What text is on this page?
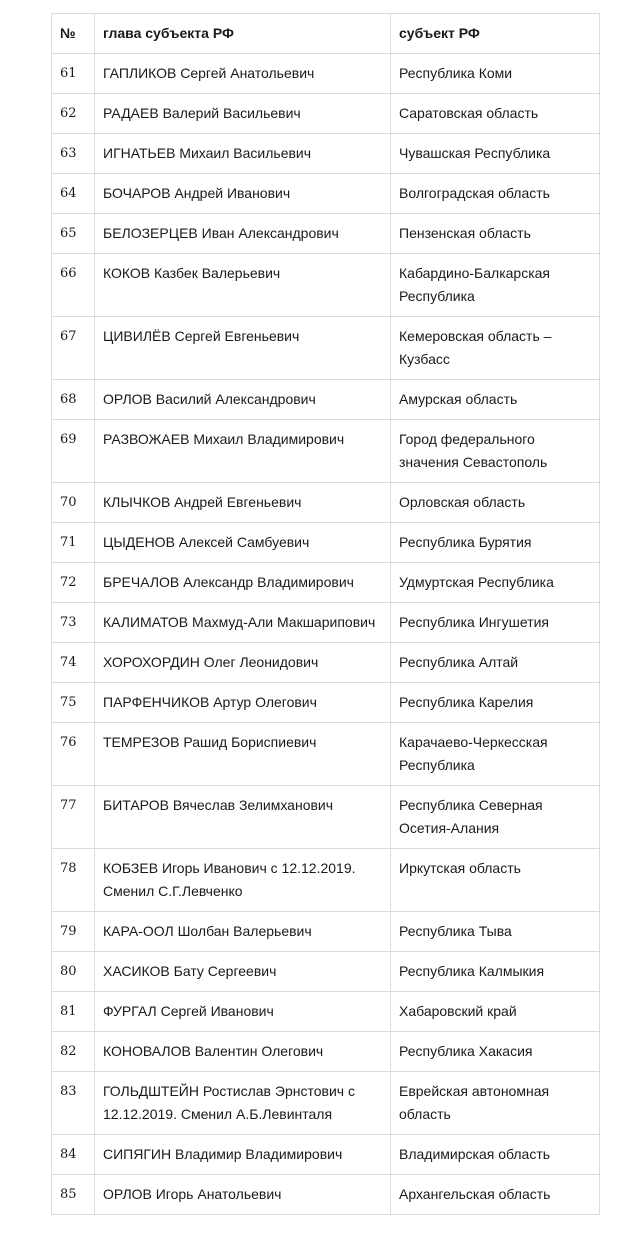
№	глава субъекта РФ	субъект РФ
61	ГАПЛИКОВ Сергей Анатольевич	Республика Коми
62	РАДАЕВ Валерий Васильевич	Саратовская область
63	ИГНАТЬЕВ Михаил Васильевич	Чувашская Республика
64	БОЧАРОВ Андрей Иванович	Волгоградская область
65	БЕЛОЗЕРЦЕВ Иван Александрович	Пензенская область
66	КОКОВ Казбек Валерьевич	Кабардино-Балкарская Республика
67	ЦИВИЛЁВ Сергей Евгеньевич	Кемеровская область – Кузбасс
68	ОРЛОВ Василий Александрович	Амурская область
69	РАЗВОЖАЕВ Михаил Владимирович	Город федерального значения Севастополь
70	КЛЫЧКОВ Андрей Евгеньевич	Орловская область
71	ЦЫДЕНОВ Алексей Самбуевич	Республика Бурятия
72	БРЕЧАЛОВ Александр Владимирович	Удмуртская Республика
73	КАЛИМАТОВ Махмуд-Али Макшарипович	Республика Ингушетия
74	ХОРОХОРДИН Олег Леонидович	Республика Алтай
75	ПАРФЕНЧИКОВ Артур Олегович	Республика Карелия
76	ТЕМРЕЗОВ Рашид Бориспиевич	Карачаево-Черкесская Республика
77	БИТАРОВ Вячеслав Зелимханович	Республика Северная Осетия-Алания
78	КОБЗЕВ Игорь Иванович с 12.12.2019. Сменил С.Г.Левченко	Иркутская область
79	КАРА-ООЛ Шолбан Валерьевич	Республика Тыва
80	ХАСИКОВ Бату Сергеевич	Республика Калмыкия
81	ФУРГАЛ Сергей Иванович	Хабаровский край
82	КОНОВАЛОВ Валентин Олегович	Республика Хакасия
83	ГОЛЬДШТЕЙН Ростислав Эрнстович с 12.12.2019. Сменил А.Б.Левинталя	Еврейская автономная область
84	СИПЯГИН Владимир Владимирович	Владимирская область
85	ОРЛОВ Игорь Анатольевич	Архангельская область
